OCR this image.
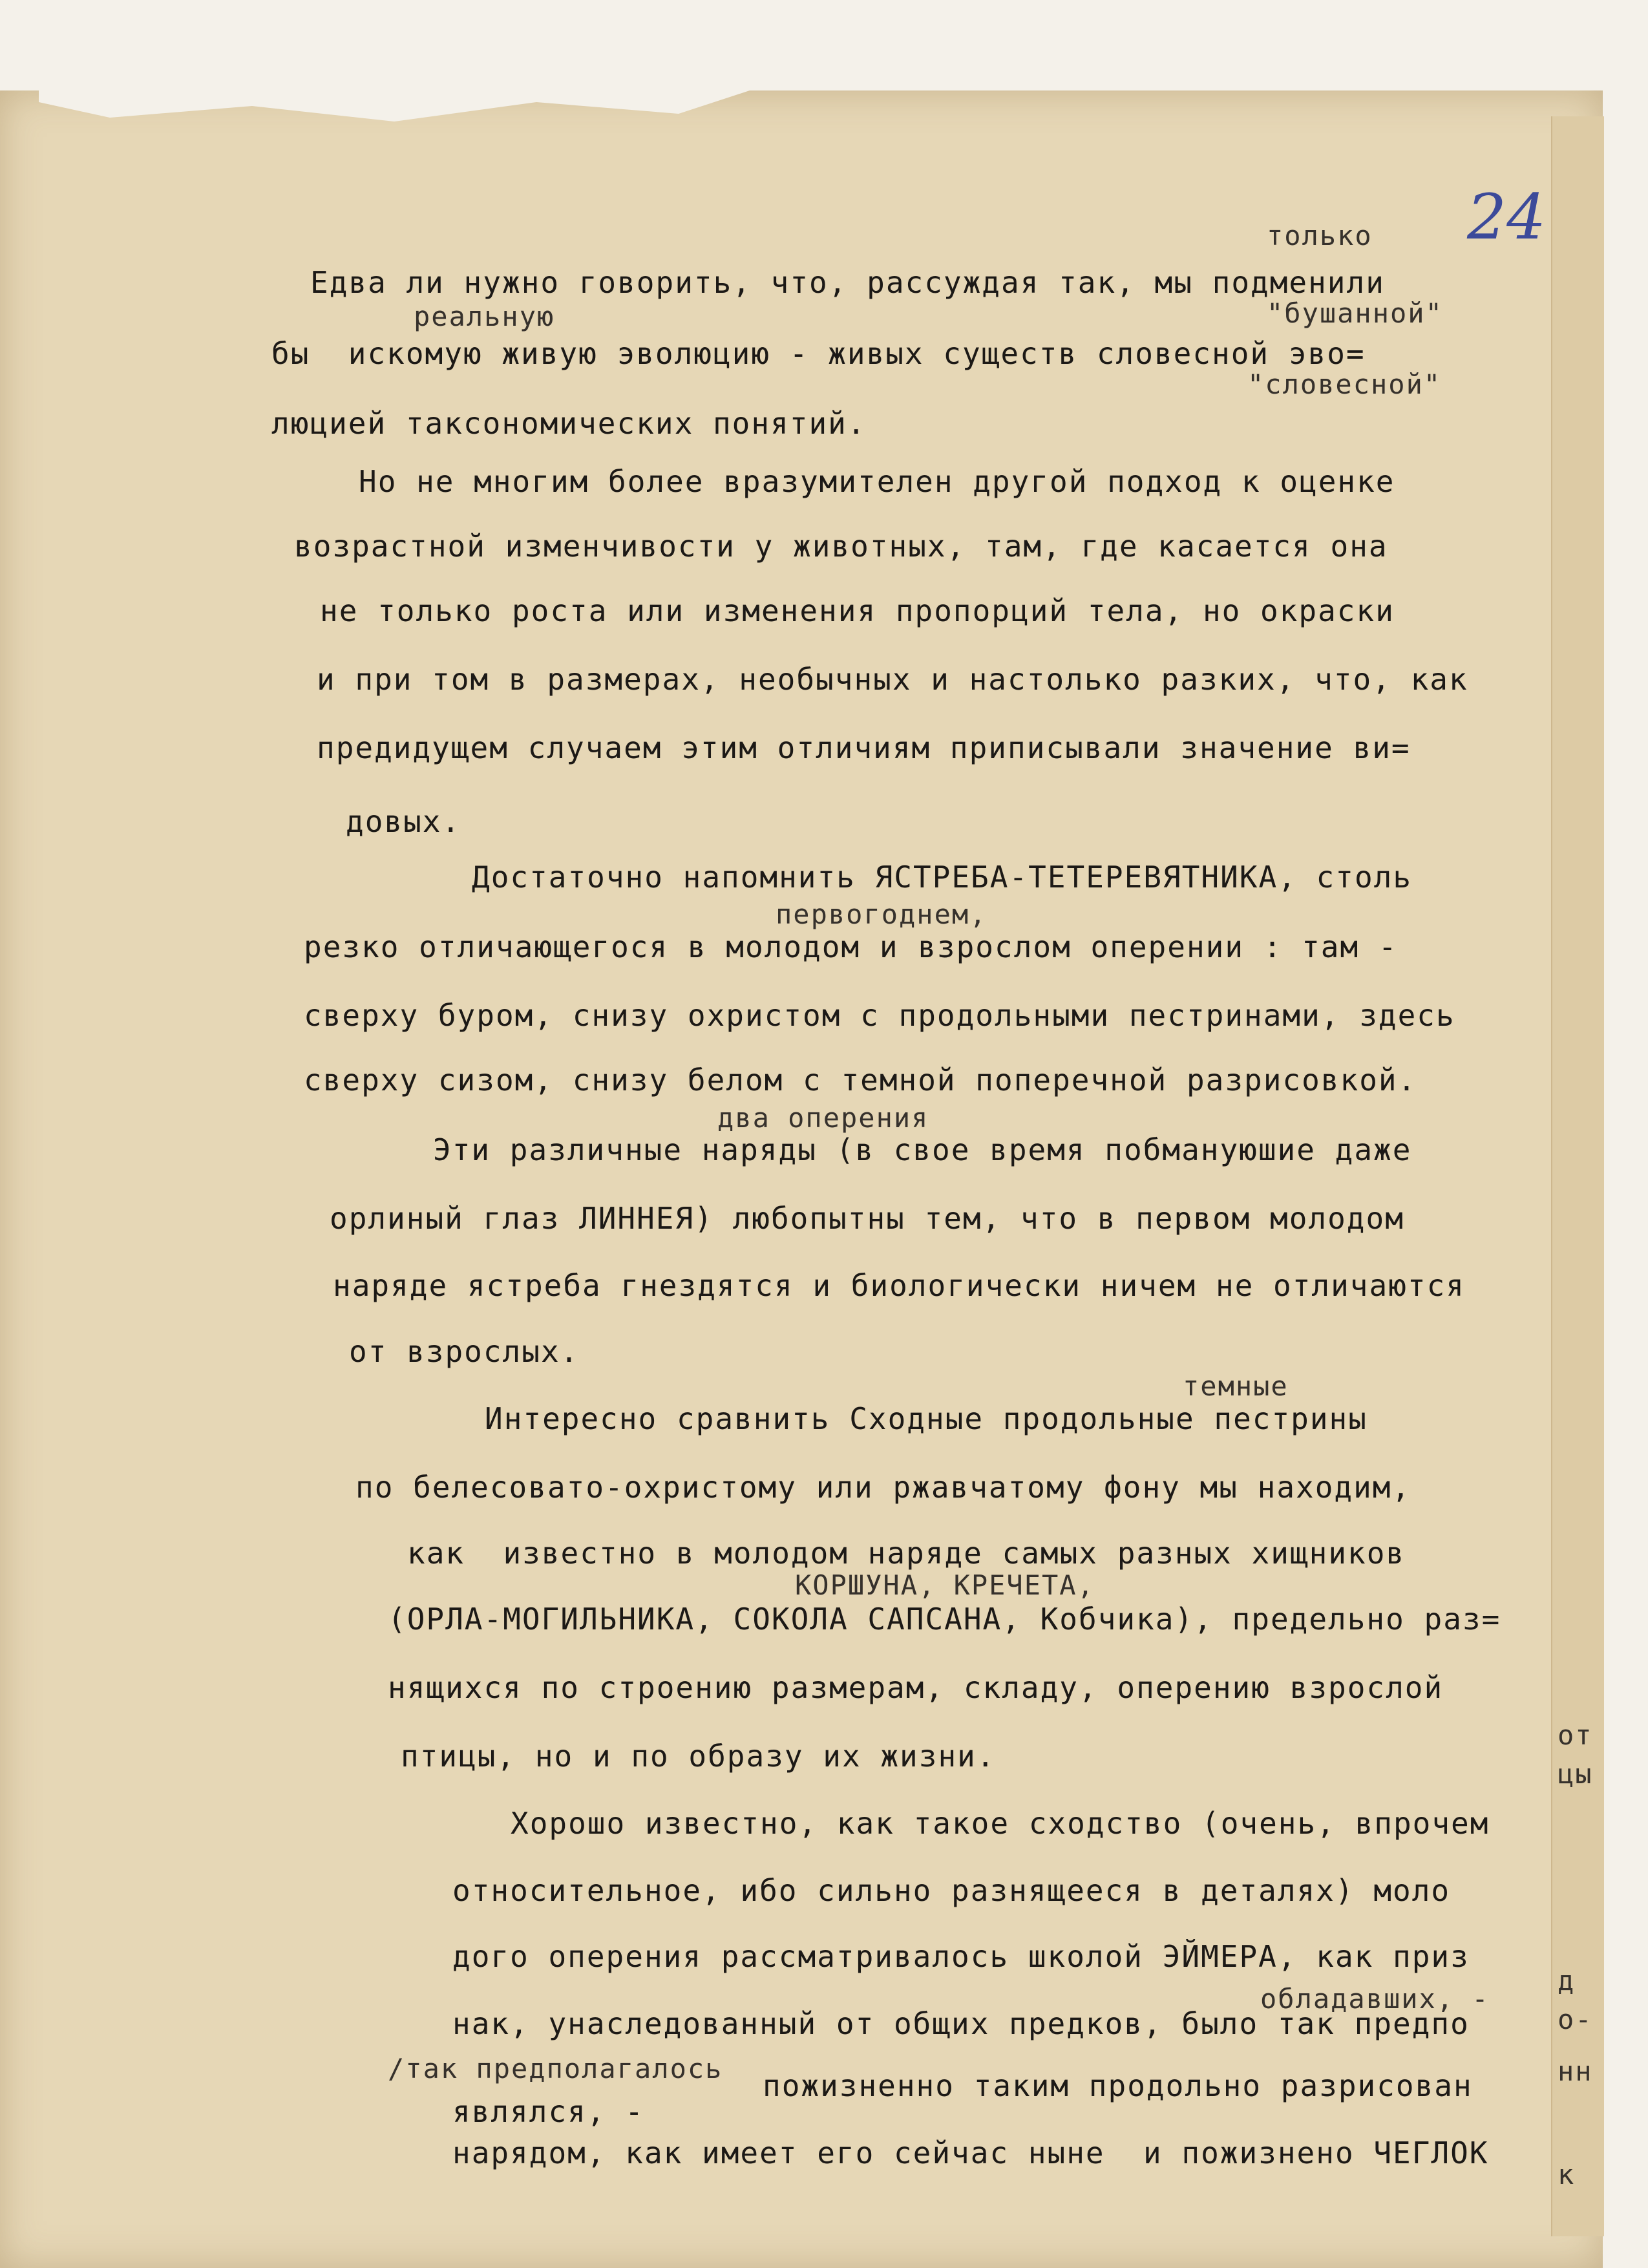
24
только
Едва ли нужно говорить, что, рассуждая так, мы подменили
реальную	"бушанной"
бы  искомую живую эволюцию - живых существ словесной эво=
"словесной"
люцией таксономических понятий.
Но не многим более вразумителен другой подход к оценке
возрастной изменчивости у животных, там, где касается она
не только роста или изменения пропорций тела, но окраски
и при том в размерах, необычных и настолько разких, что, как
предидущем случаем этим отличиям приписывали значение ви=
довых.
Достаточно напомнить ЯСТРЕБА-ТЕТЕРЕВЯТНИКА, столь
первогоднем,
резко отличающегося в молодом и взрослом оперении : там -
сверху буром, снизу охристом с продольными пестринами, здесь
сверху сизом, снизу белом с темной поперечной разрисовкой.
два оперения
Эти различные наряды (в свое время побмануюшие даже
орлиный глаз ЛИННЕЯ) любопытны тем, что в первом молодом
наряде ястреба гнездятся и биологически ничем не отличаются
от взрослых.
темные
Интересно сравнить Сходные продольные пестрины
по белесовато-охристому или ржавчатому фону мы находим,
как  известно в молодом наряде самых разных хищников
КОРШУНА, КРЕЧЕТА,
(ОРЛА-МОГИЛЬНИКА, СОКОЛА САПСАНА, Кобчика), предельно раз=
нящихся по строению размерам, складу, оперению взрослой
птицы, но и по образу их жизни.
Хорошо известно, как такое сходство (очень, впрочем
относительное, ибо сильно разнящееся в деталях) моло
дого оперения рассматривалось школой ЭЙМЕРА, как приз
обладавших, -
нак, унаследованный от общих предков, было так предпо
/так предполагалось пожизненно таким продольно разрисован
являлся, -
нарядом, как имеет его сейчас ныне  и пожизнено ЧЕГЛОК
от
цы
д
о-
нн
к
